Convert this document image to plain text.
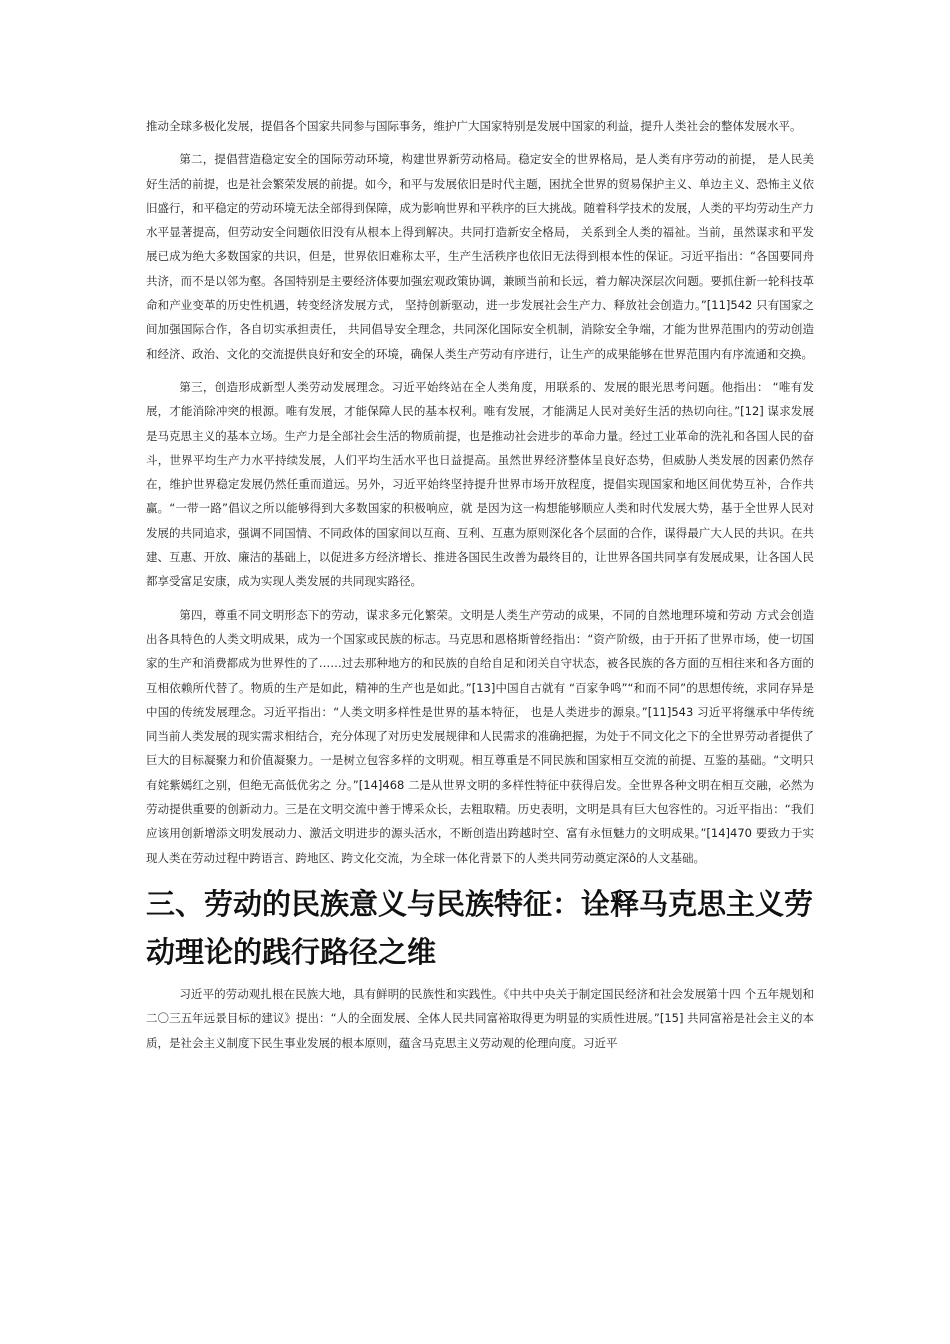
推动全球多极化发展，提倡各个国家共同参与国际事务，维护广大国家特别是发展中国家的利益，提升人类社会的整体发展水平。

第二，提倡营造稳定安全的国际劳动环境，构建世界新劳动格局。稳定安全的世界格局，是人类有序劳动的前提， 是人民美好生活的前提，也是社会繁荣发展的前提。如今，和平与发展依旧是时代主题，困扰全世界的贸易保护主义、单边主义、恐怖主义依旧盛行，和平稳定的劳动环境无法全部得到保障，成为影响世界和平秩序的巨大挑战。随着科学技术的发展，人类的平均劳动生产力水平显著提高，但劳动安全问题依旧没有从根本上得到解决。共同打造新安全格局， 关系到全人类的福祉。当前，虽然谋求和平发展已成为绝大多数国家的共识，但是，世界依旧难称太平，生产生活秩序也依旧无法得到根本性的保证。习近平指出：“各国要同舟共济，而不是以邻为壑。各国特别是主要经济体要加强宏观政策协调，兼顾当前和长远，着力解决深层次问题。要抓住新一轮科技革命和产业变革的历史性机遇，转变经济发展方式， 坚持创新驱动，进一步发展社会生产力、释放社会创造力。”[11]542 只有国家之间加强国际合作，各自切实承担责任， 共同倡导安全理念，共同深化国际安全机制，消除安全争端，才能为世界范围内的劳动创造和经济、政治、文化的交流提供良好和安全的环境，确保人类生产劳动有序进行，让生产的成果能够在世界范围内有序流通和交换。

第三，创造形成新型人类劳动发展理念。习近平始终站在全人类角度，用联系的、发展的眼光思考问题。他指出： “唯有发展，才能消除冲突的根源。唯有发展，才能保障人民的基本权利。唯有发展，才能满足人民对美好生活的热切向往。”[12] 谋求发展是马克思主义的基本立场。生产力是全部社会生活的物质前提，也是推动社会进步的革命力量。经过工业革命的洗礼和各国人民的奋斗，世界平均生产力水平持续发展，人们平均生活水平也日益提高。虽然世界经济整体呈良好态势，但威胁人类发展的因素仍然存在，维护世界稳定发展仍然任重而道远。另外，习近平始终坚持提升世界市场开放程度，提倡实现国家和地区间优势互补，合作共赢。“一带一路”倡议之所以能够得到大多数国家的积极响应，就 是因为这一构想能够顺应人类和时代发展大势，基于全世界人民对发展的共同追求，强调不同国情、不同政体的国家间以互商、互利、互惠为原则深化各个层面的合作，谋得最广大人民的共识。在共建、互惠、开放、廉洁的基础上，以促进多方经济增长、推进各国民生改善为最终目的，让世界各国共同享有发展成果，让各国人民都享受富足安康，成为实现人类发展的共同现实路径。

第四，尊重不同文明形态下的劳动，谋求多元化繁荣。文明是人类生产劳动的成果，不同的自然地理环境和劳动 方式会创造出各具特色的人类文明成果，成为一个国家或民族的标志。马克思和恩格斯曾经指出：“资产阶级，由于开拓了世界市场，使一切国家的生产和消费都成为世界性的了……过去那种地方的和民族的自给自足和闭关自守状态，被各民族的各方面的互相往来和各方面的互相依赖所代替了。物质的生产是如此，精神的生产也是如此。”[13]中国自古就有 “百家争鸣”“和而不同”的思想传统，求同存异是中国的传统发展理念。习近平指出：“人类文明多样性是世界的基本特征， 也是人类进步的源泉。”[11]543 习近平将继承中华传统同当前人类发展的现实需求相结合，充分体现了对历史发展规律和人民需求的准确把握，为处于不同文化之下的全世界劳动者提供了巨大的目标凝聚力和价值凝聚力。一是树立包容多样的文明观。相互尊重是不同民族和国家相互交流的前提、互鉴的基础。“文明只有姹紫嫣红之别，但绝无高低优劣之 分。”[14]468 二是从世界文明的多样性特征中获得启发。全世界各种文明在相互交融，必然为劳动提供重要的创新动力。三是在文明交流中善于博采众长，去粗取精。历史表明，文明是具有巨大包容性的。习近平指出：“我们应该用创新增添文明发展动力、激活文明进步的源头活水，不断创造出跨越时空、富有永恒魅力的文明成果。”[14]470 要致力于实现人类在劳动过程中跨语言、跨地区、跨文化交流，为全球一体化背景下的人类共同劳动奠定深ô的人文基础。

三、劳动的民族意义与民族特征：诠释马克思主义劳动理论的践行路径之维

习近平的劳动观扎根在民族大地，具有鲜明的民族性和实践性。《中共中央关于制定国民经济和社会发展第十四 个五年规划和二〇三五年远景目标的建议》提出：“人的全面发展、全体人民共同富裕取得更为明显的实质性进展。”[15] 共同富裕是社会主义的本质，是社会主义制度下民生事业发展的根本原则，蕴含马克思主义劳动观的伦理向度。习近平
